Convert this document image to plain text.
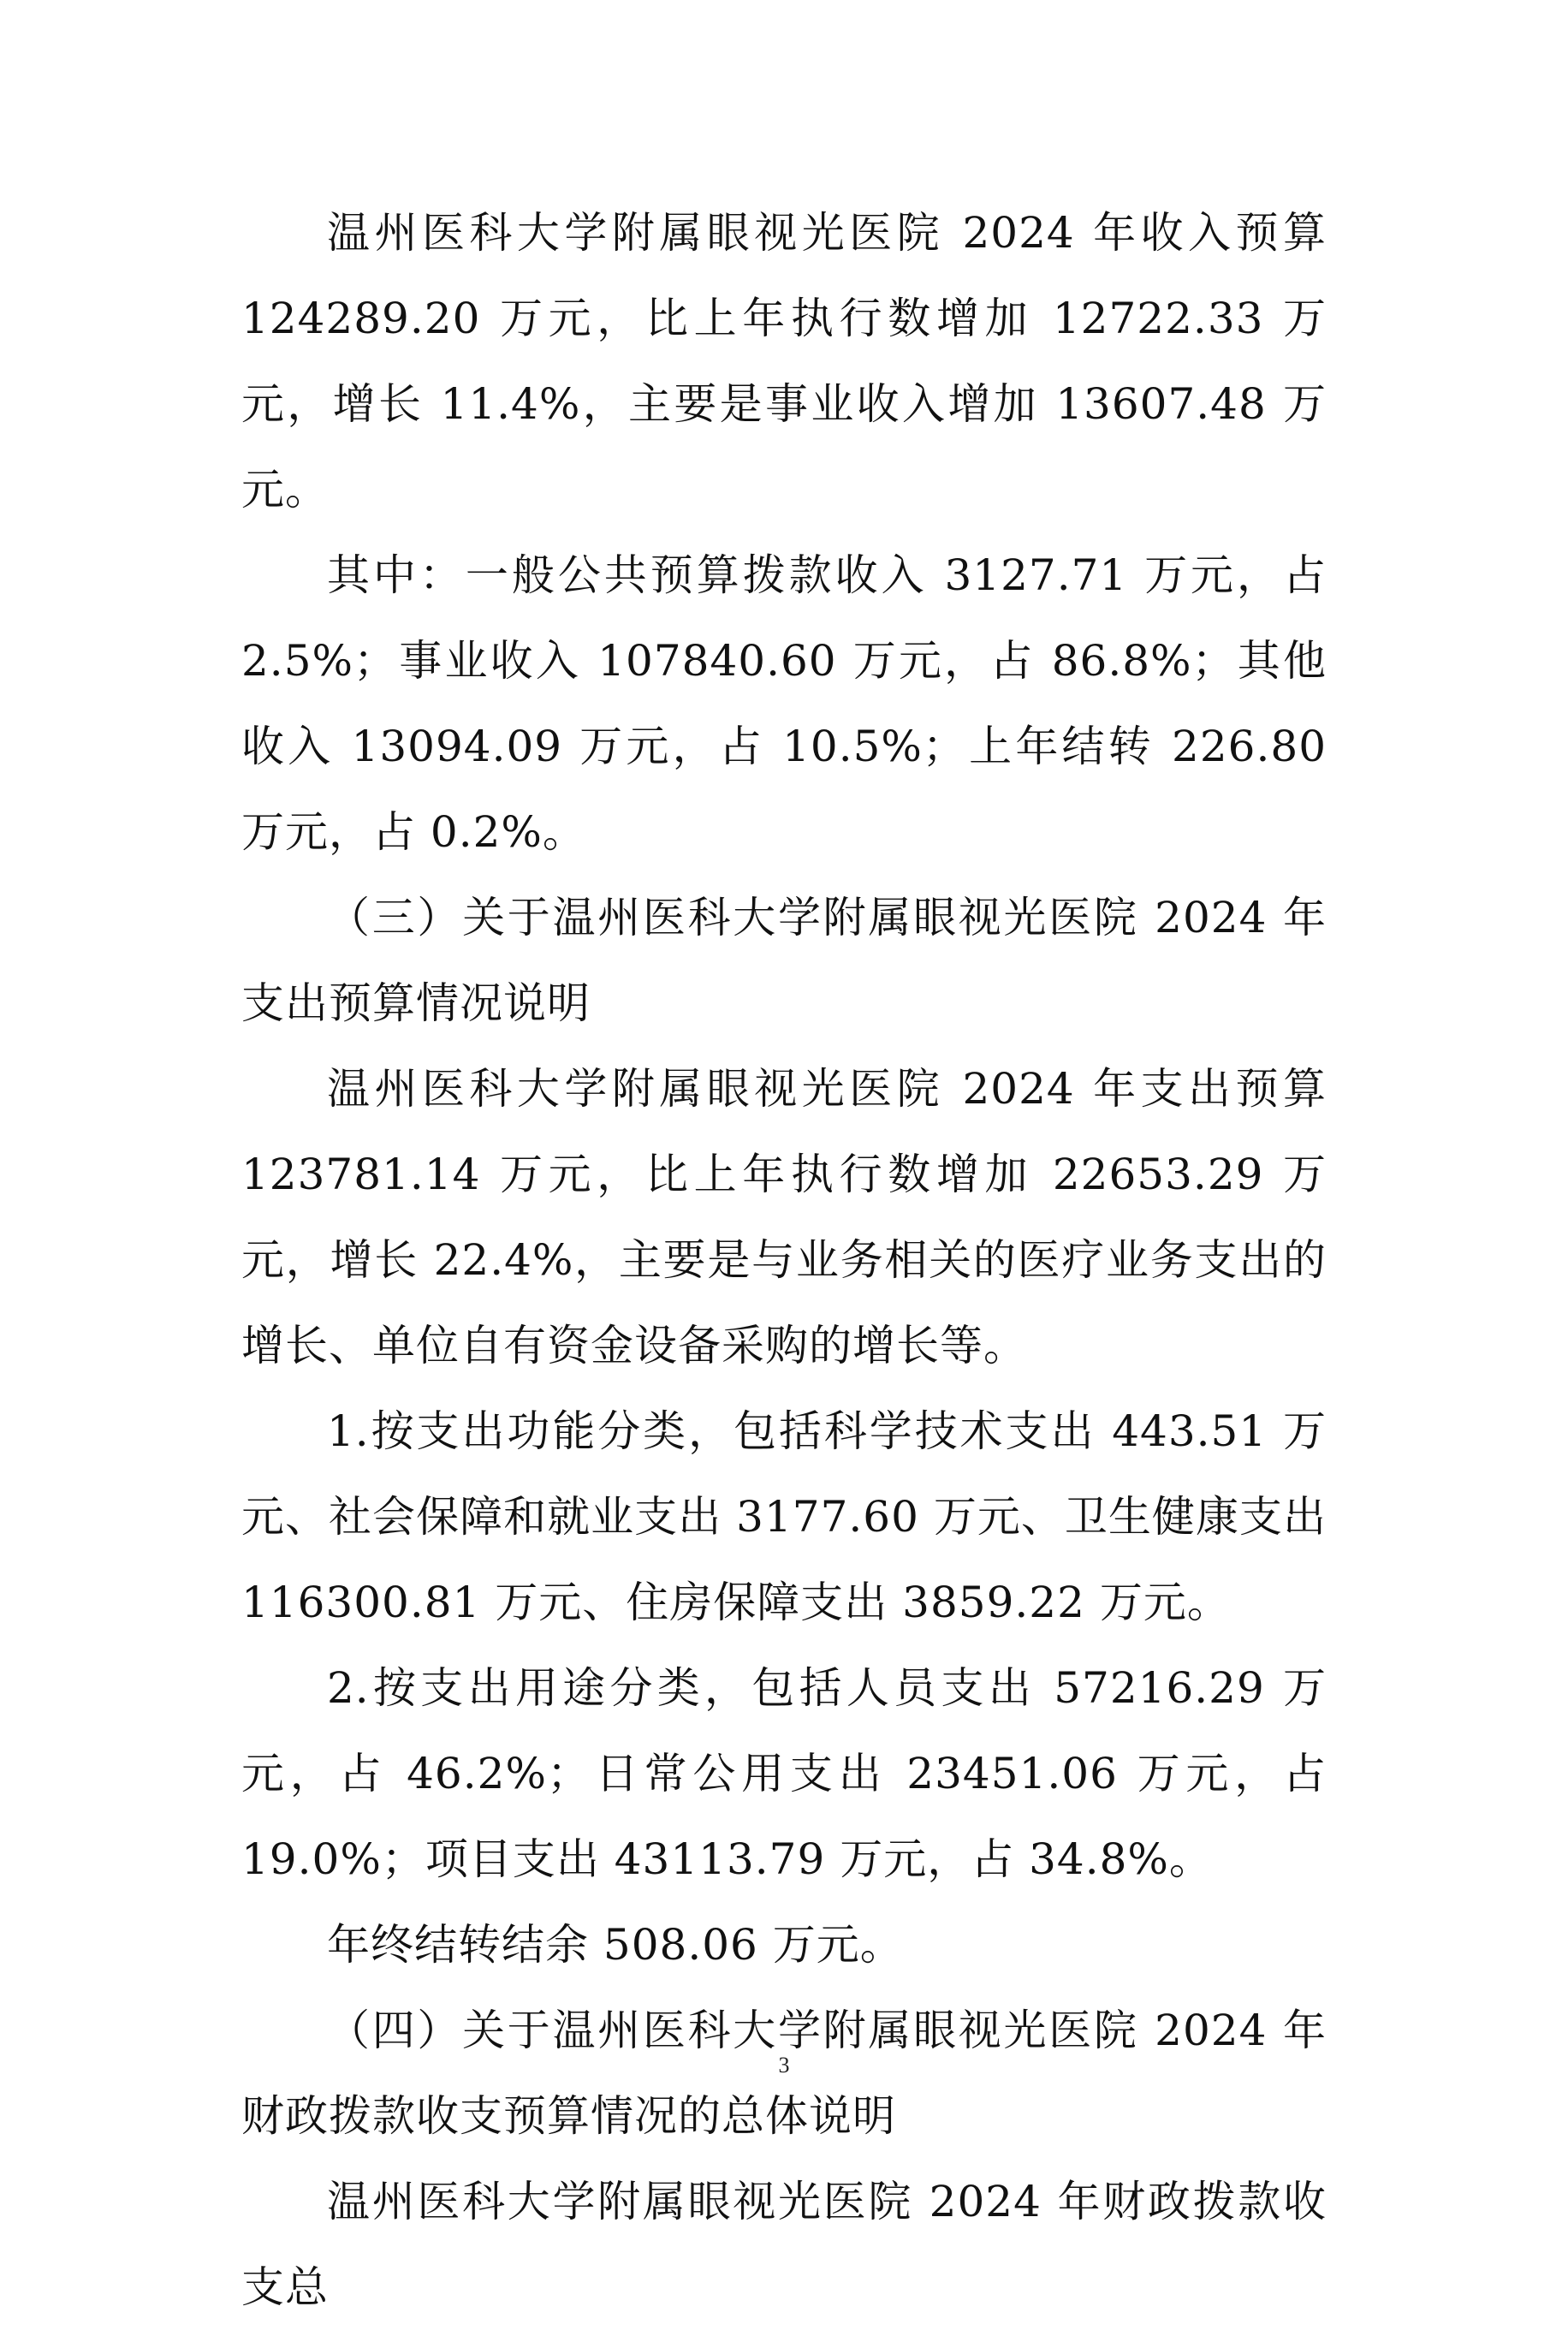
温州医科大学附属眼视光医院 2024 年收入预算 124289.20 万元，比上年执行数增加 12722.33 万元，增长 11.4%，主要是事业收入增加 13607.48 万元。

其中：一般公共预算拨款收入 3127.71 万元，占 2.5%；事业收入 107840.60 万元，占 86.8%；其他收入 13094.09 万元，占 10.5%；上年结转 226.80 万元，占 0.2%。

（三）关于温州医科大学附属眼视光医院 2024 年支出预算情况说明

温州医科大学附属眼视光医院 2024 年支出预算 123781.14 万元，比上年执行数增加 22653.29 万元，增长 22.4%，主要是与业务相关的医疗业务支出的增长、单位自有资金设备采购的增长等。

1.按支出功能分类，包括科学技术支出 443.51 万元、社会保障和就业支出 3177.60 万元、卫生健康支出 116300.81 万元、住房保障支出 3859.22 万元。

2.按支出用途分类，包括人员支出 57216.29 万元，占 46.2%；日常公用支出 23451.06 万元，占 19.0%；项目支出 43113.79 万元，占 34.8%。

年终结转结余 508.06 万元。

（四）关于温州医科大学附属眼视光医院 2024 年财政拨款收支预算情况的总体说明

温州医科大学附属眼视光医院 2024 年财政拨款收支总

3
